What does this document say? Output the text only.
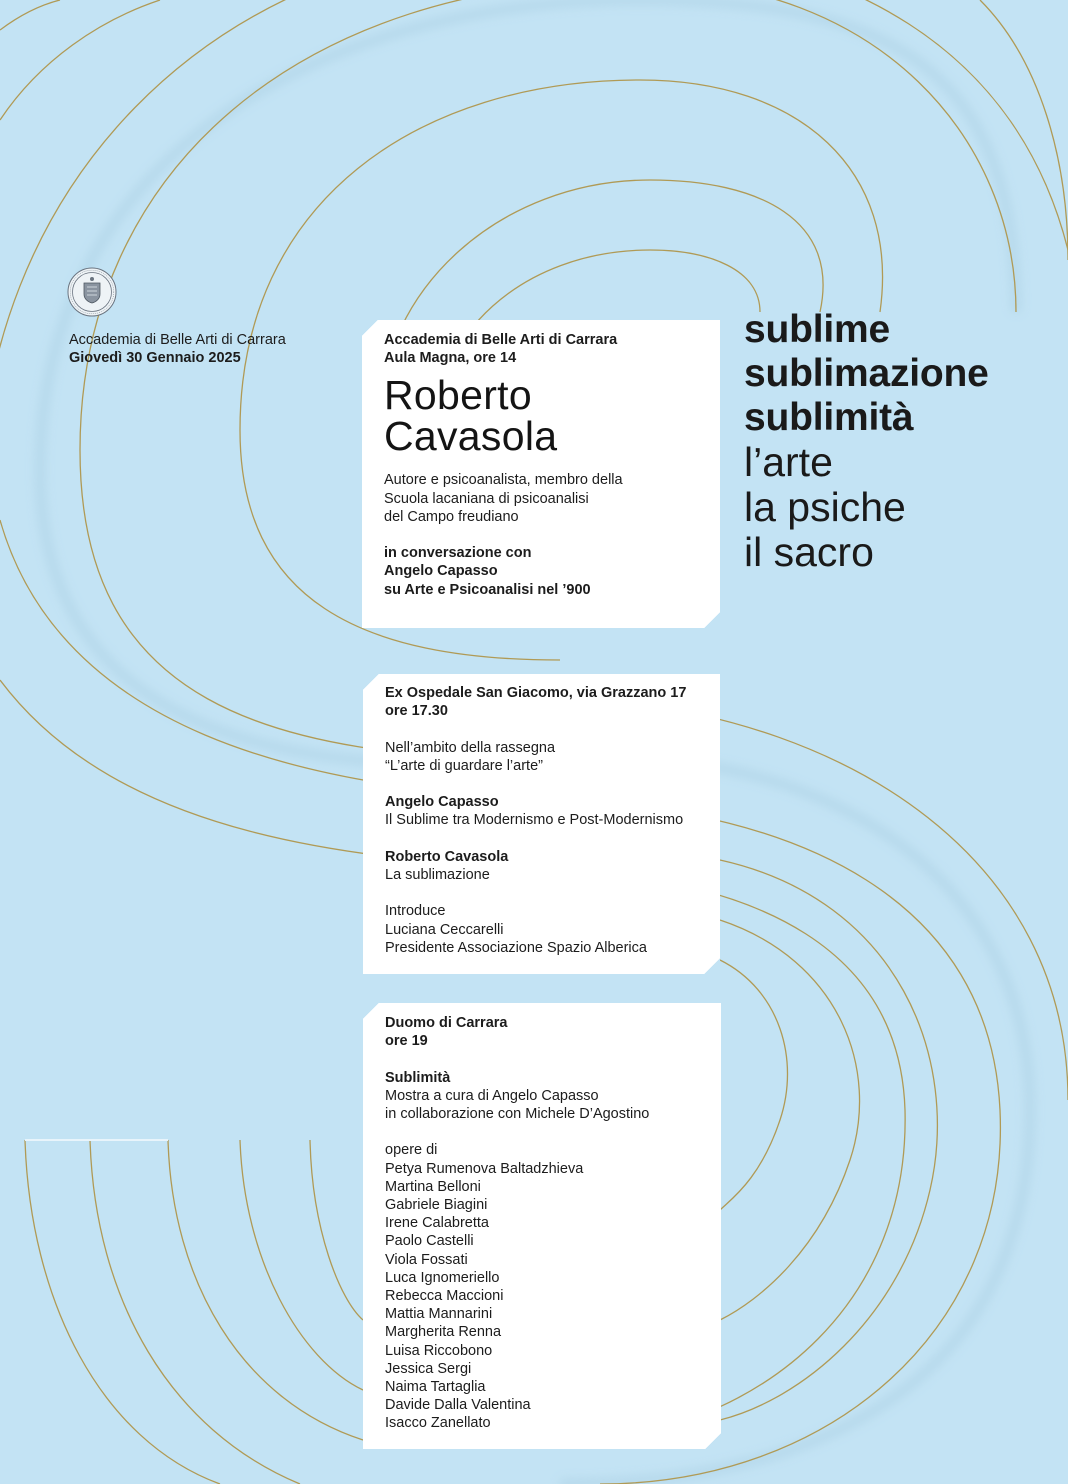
Accademia di Belle Arti di Carrara
Giovedì 30 Gennaio 2025
sublime
sublimazione
sublimità
l’arte
la psiche
il sacro
Accademia di Belle Arti di Carrara
Aula Magna, ore 14
Roberto
Cavasola
Autore e psicoanalista, membro della
Scuola lacaniana di psicoanalisi
del Campo freudiano
in conversazione con
Angelo Capasso
su Arte e Psicoanalisi nel ’900
Ex Ospedale San Giacomo, via Grazzano 17
ore 17.30
Nell’ambito della rassegna
“L’arte di guardare l’arte”
Angelo Capasso
Il Sublime tra Modernismo e Post-Modernismo
Roberto Cavasola
La sublimazione
Introduce
Luciana Ceccarelli
Presidente Associazione Spazio Alberica
Duomo di Carrara
ore 19
Sublimità
Mostra a cura di Angelo Capasso
in collaborazione con Michele D’Agostino
opere di
Petya Rumenova Baltadzhieva
Martina Belloni
Gabriele Biagini
Irene Calabretta
Paolo Castelli
Viola Fossati
Luca Ignomeriello
Rebecca Maccioni
Mattia Mannarini
Margherita Renna
Luisa Riccobono
Jessica Sergi
Naima Tartaglia
Davide Dalla Valentina
Isacco Zanellato
